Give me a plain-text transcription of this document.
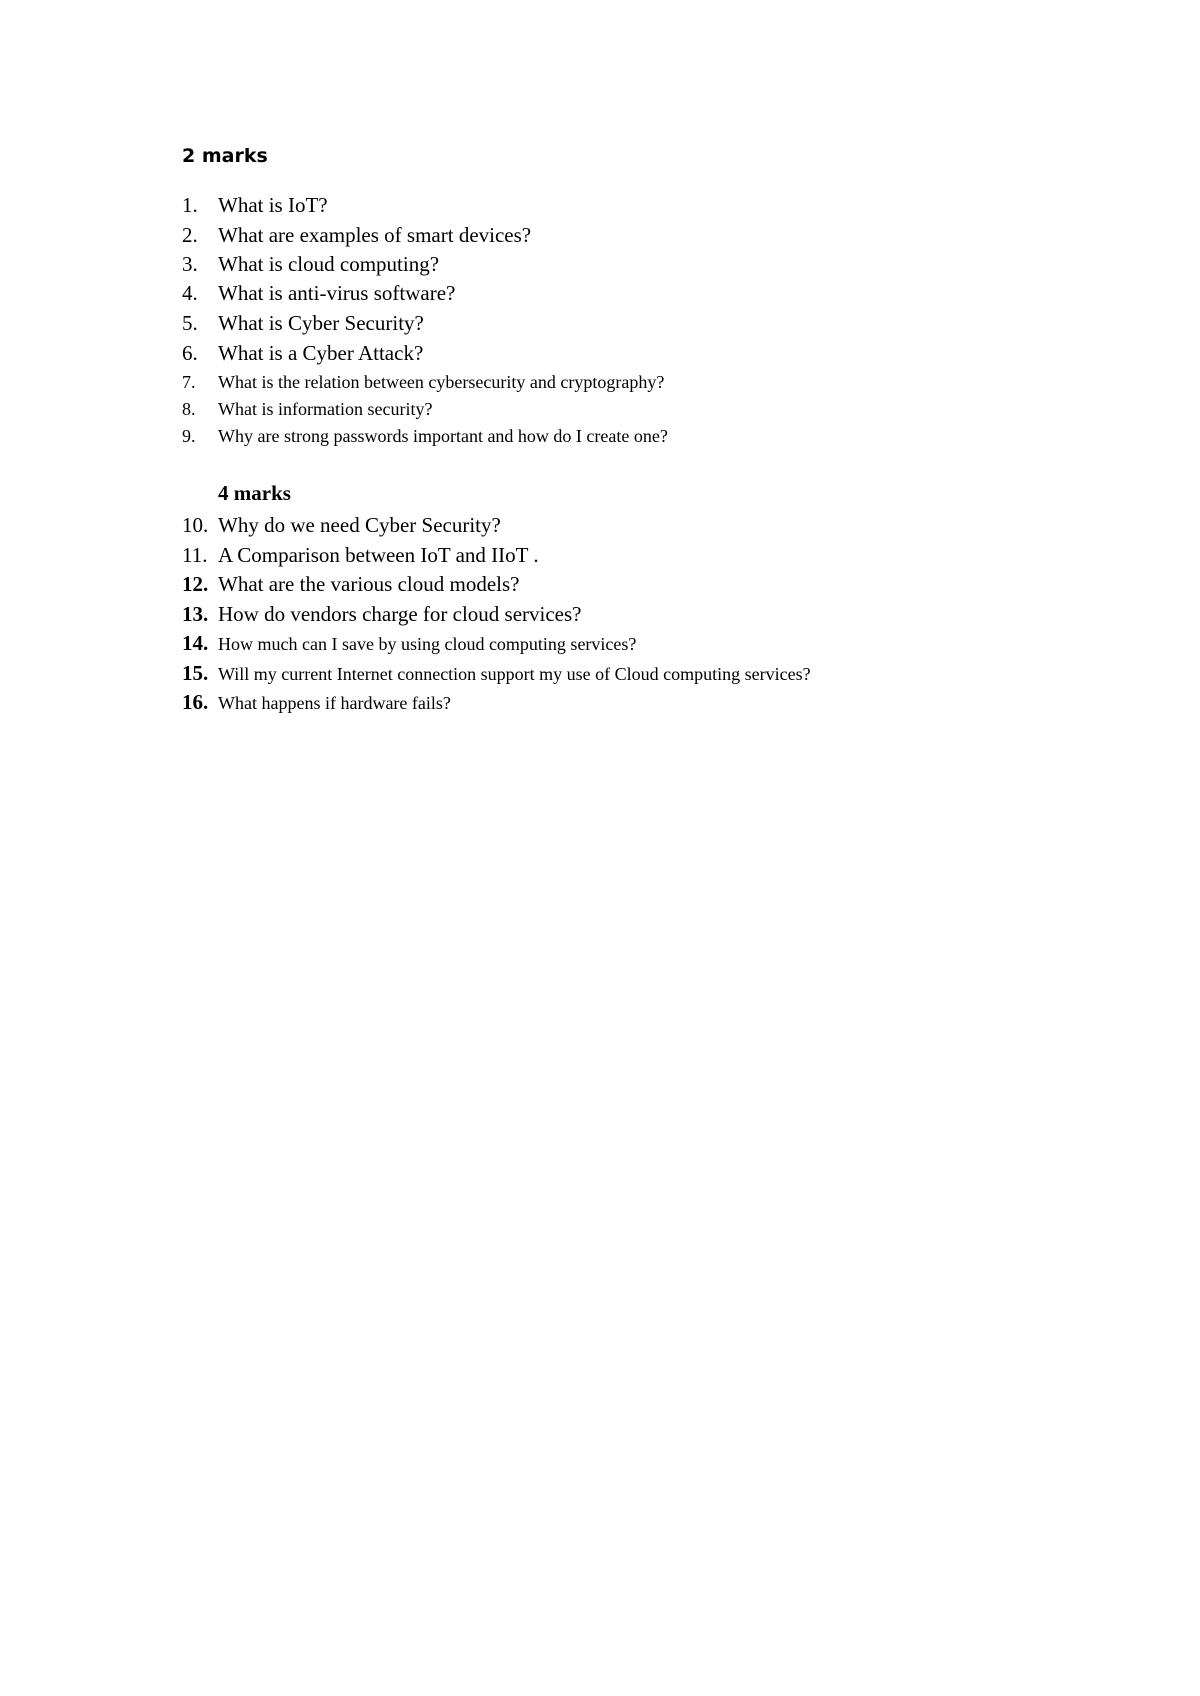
2 marks
1. What is IoT?
2. What are examples of smart devices?
3. What is cloud computing?
4. What is anti-virus software?
5. What is Cyber Security?
6. What is a Cyber Attack?
7. What is the relation between cybersecurity and cryptography?
8. What is information security?
9. Why are strong passwords important and how do I create one?
4 marks
10. Why do we need Cyber Security?
11. A Comparison between IoT and IIoT .
12. What are the various cloud models?
13. How do vendors charge for cloud services?
14. How much can I save by using cloud computing services?
15. Will my current Internet connection support my use of Cloud computing services?
16. What happens if hardware fails?
